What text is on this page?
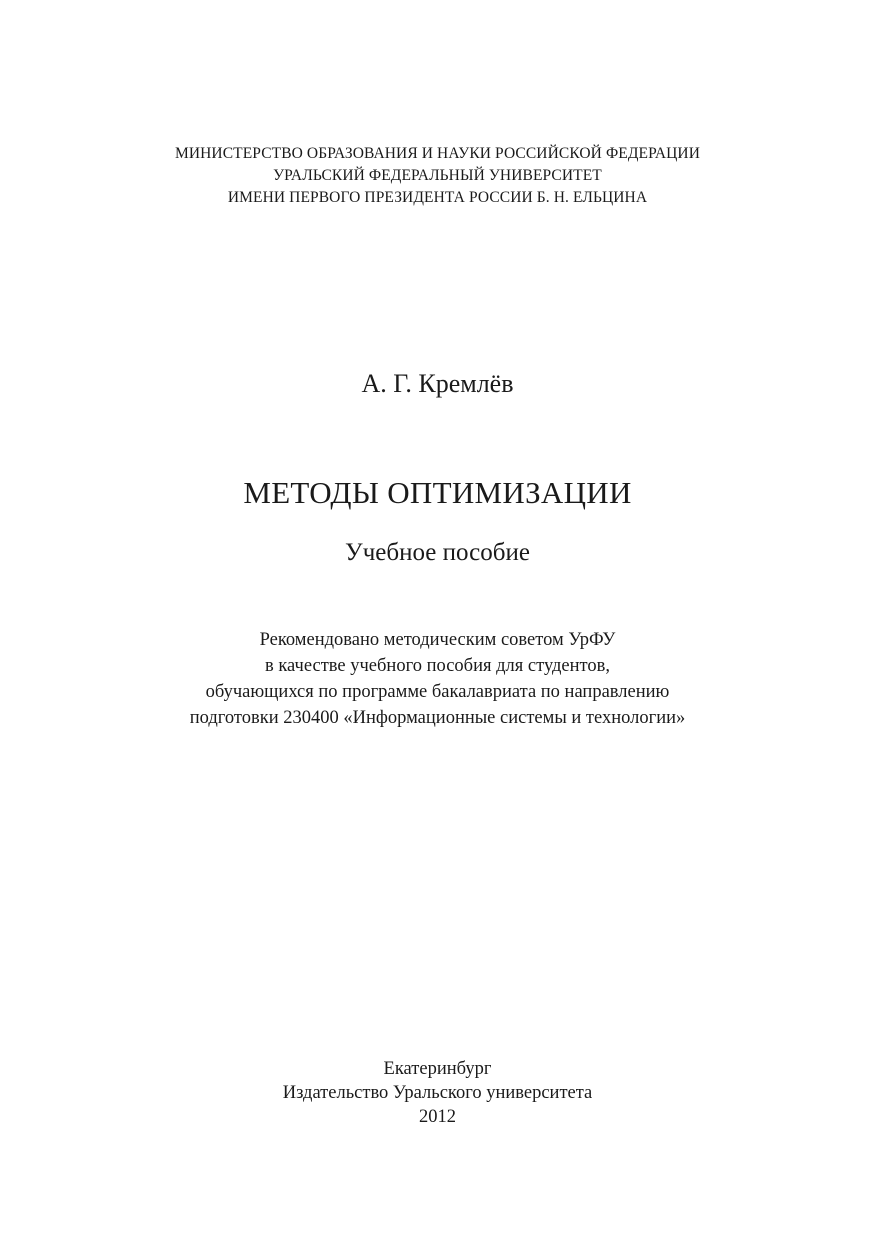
МИНИСТЕРСТВО ОБРАЗОВАНИЯ И НАУКИ РОССИЙСКОЙ ФЕДЕРАЦИИ
УРАЛЬСКИЙ ФЕДЕРАЛЬНЫЙ УНИВЕРСИТЕТ
ИМЕНИ ПЕРВОГО ПРЕЗИДЕНТА РОССИИ Б. Н. ЕЛЬЦИНА
А. Г. Кремлёв
МЕТОДЫ ОПТИМИЗАЦИИ
Учебное пособие
Рекомендовано методическим советом УрФУ
в качестве учебного пособия для студентов,
обучающихся по программе бакалавриата по направлению
подготовки 230400 «Информационные системы и технологии»
Екатеринбург
Издательство Уральского университета
2012
